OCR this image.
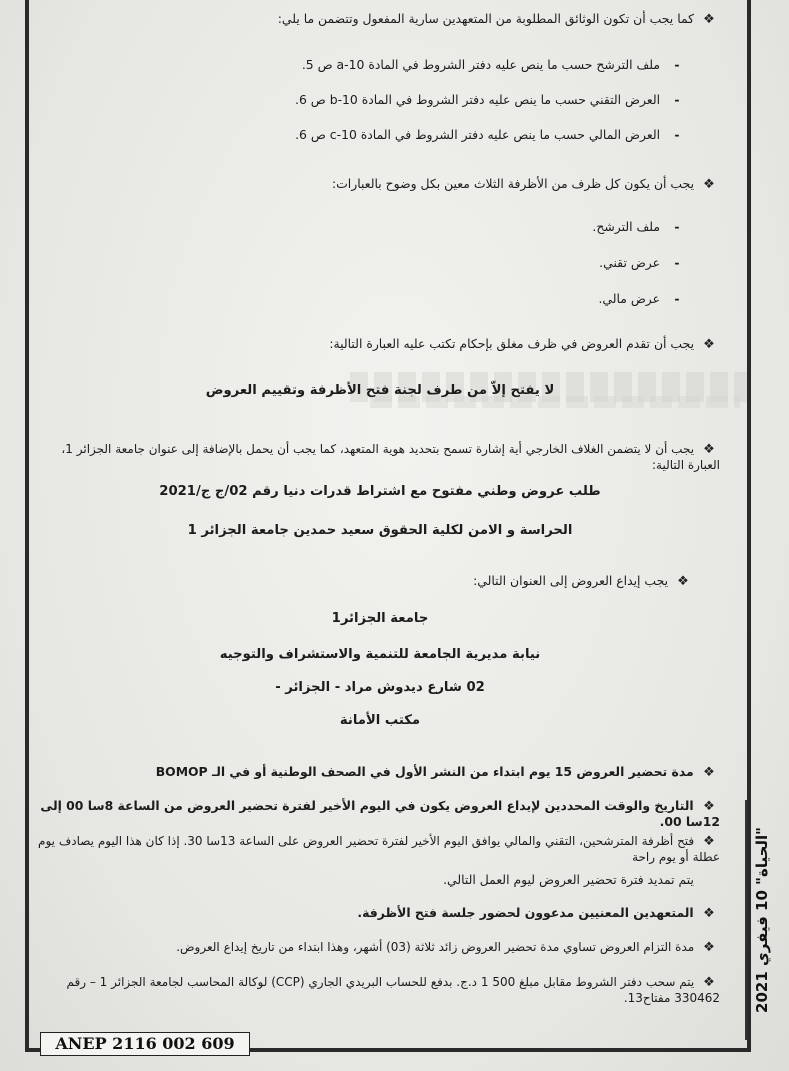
❖ كما يجب أن تكون الوثائق المطلوبة من المتعهدين سارية المفعول وتتضمن ما يلي:
- ملف الترشح حسب ما ينص عليه دفتر الشروط في المادة 10-a ص 5.
- العرض التقني حسب ما ينص عليه دفتر الشروط في المادة 10-b ص 6.
- العرض المالي حسب ما ينص عليه دفتر الشروط في المادة 10-c ص 6.
❖ يجب أن يكون كل ظرف من الأظرفة الثلاث معين بكل وضوح بالعبارات:
- ملف الترشح.
- عرض تقني.
- عرض مالي.
❖ يجب أن تقدم العروض في ظرف مغلق بإحكام تكتب عليه العبارة التالية:
لا يفتح إلاّ من طرف لجنة فتح الأظرفة وتقييم العروض
❖ يجب أن لا يتضمن الغلاف الخارجي أية إشارة تسمح بتحديد هوية المتعهد، كما يجب أن يحمل بالإضافة إلى عنوان جامعة الجزائر 1، العبارة التالية:
طلب عروض وطني مفتوح مع اشتراط قدرات دنيا رقم 02/ج ج/2021
الحراسة و الامن لكلية الحقوق سعيد حمدين جامعة الجزائر 1
❖ يجب إيداع العروض إلى العنوان التالي:
جامعة الجزائر1
نيابة مديرية الجامعة للتنمية والاستشراف والتوجيه
02 شارع ديدوش مراد - الجزائر -
مكتب الأمانة
❖ مدة تحضير العروض 15 يوم ابتداء من النشر الأول في الصحف الوطنية أو في الـ BOMOP
❖ التاريخ والوقت المحددين لإيداع العروض يكون في اليوم الأخير لفترة تحضير العروض من الساعة 8سا 00 إلى 12سا 00.
❖ فتح أظرفة المترشحين، التقني والمالي يوافق اليوم الأخير لفترة تحضير العروض على الساعة 13سا 30. إذا كان هذا اليوم يصادف يوم عطلة أو يوم راحة
يتم تمديد فترة تحضير العروض ليوم العمل التالي.
❖ المتعهدين المعنيين مدعوون لحضور جلسة فتح الأظرفة.
❖ مدة التزام العروض تساوي مدة تحضير العروض زائد ثلاثة (03) أشهر، وهذا ابتداء من تاريخ إيداع العروض.
❖ يتم سحب دفتر الشروط مقابل مبلغ 500 1 د.ج. بدفع للحساب البريدي الجاري (CCP) لوكالة المحاسب لجامعة الجزائر 1 – رقم 330462 مفتاح13. "الحياة" 10 فيفري 2021
ANEP 2116 002 609
